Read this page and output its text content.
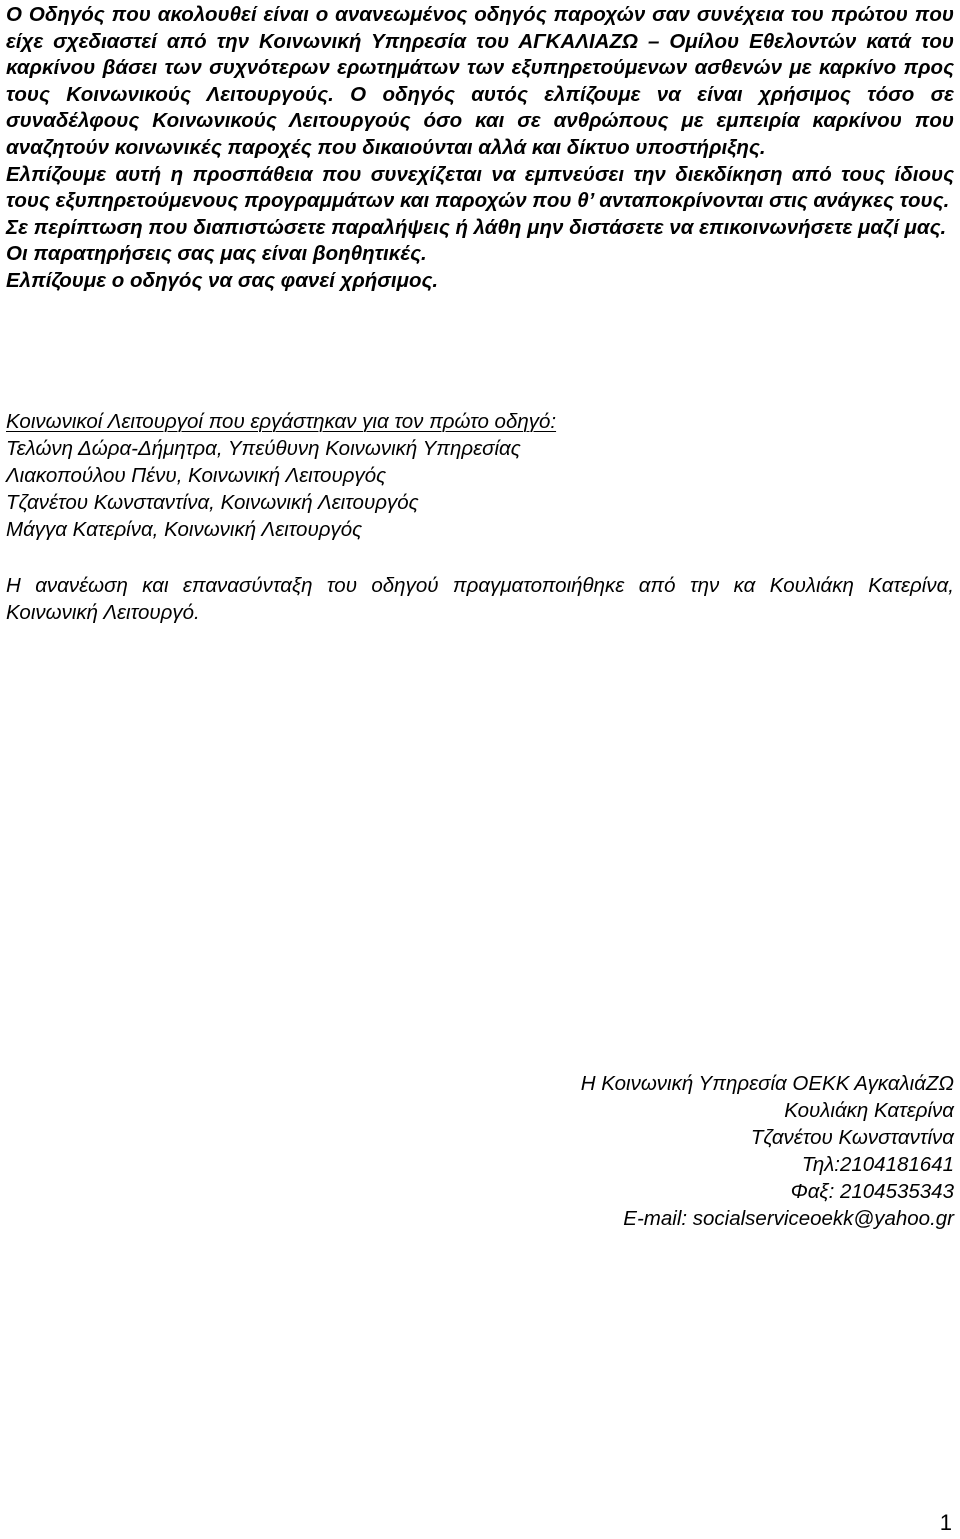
Ο Οδηγός που ακολουθεί είναι ο ανανεωμένος οδηγός παροχών σαν συνέχεια του πρώτου που είχε σχεδιαστεί από την Κοινωνική Υπηρεσία του ΑΓΚΑΛΙΑΖΩ – Ομίλου Εθελοντών κατά του καρκίνου βάσει των συχνότερων ερωτημάτων των εξυπηρετούμενων ασθενών με καρκίνο προς τους Κοινωνικούς Λειτουργούς. Ο οδηγός αυτός ελπίζουμε να είναι χρήσιμος τόσο σε συναδέλφους Κοινωνικούς Λειτουργούς όσο και σε ανθρώπους με εμπειρία καρκίνου που αναζητούν κοινωνικές παροχές που δικαιούνται αλλά και δίκτυο υποστήριξης.

Ελπίζουμε αυτή η προσπάθεια που συνεχίζεται να εμπνεύσει την διεκδίκηση από τους ίδιους τους εξυπηρετούμενους προγραμμάτων και παροχών που θ’ ανταποκρίνονται στις ανάγκες τους.

Σε περίπτωση που διαπιστώσετε παραλήψεις ή λάθη μην διστάσετε να επικοινωνήσετε μαζί μας.

Οι παρατηρήσεις σας μας είναι βοηθητικές.

Ελπίζουμε ο οδηγός να σας φανεί χρήσιμος.

Κοινωνικοί Λειτουργοί που εργάστηκαν για τον πρώτο οδηγό:

Τελώνη Δώρα-Δήμητρα, Υπεύθυνη Κοινωνική Υπηρεσίας

Λιακοπούλου Πένυ, Κοινωνική Λειτουργός

Τζανέτου Κωνσταντίνα, Κοινωνική Λειτουργός

Μάγγα Κατερίνα, Κοινωνική Λειτουργός

Η ανανέωση και επανασύνταξη του οδηγού πραγματοποιήθηκε από την κα Κουλιάκη Κατερίνα, Κοινωνική Λειτουργό.

Η Κοινωνική Υπηρεσία ΟΕΚΚ ΑγκαλιάΖΩ

Κουλιάκη Κατερίνα

Τζανέτου Κωνσταντίνα

Τηλ:2104181641

Φαξ: 2104535343

E-mail: socialserviceoekk@yahoo.gr

1
